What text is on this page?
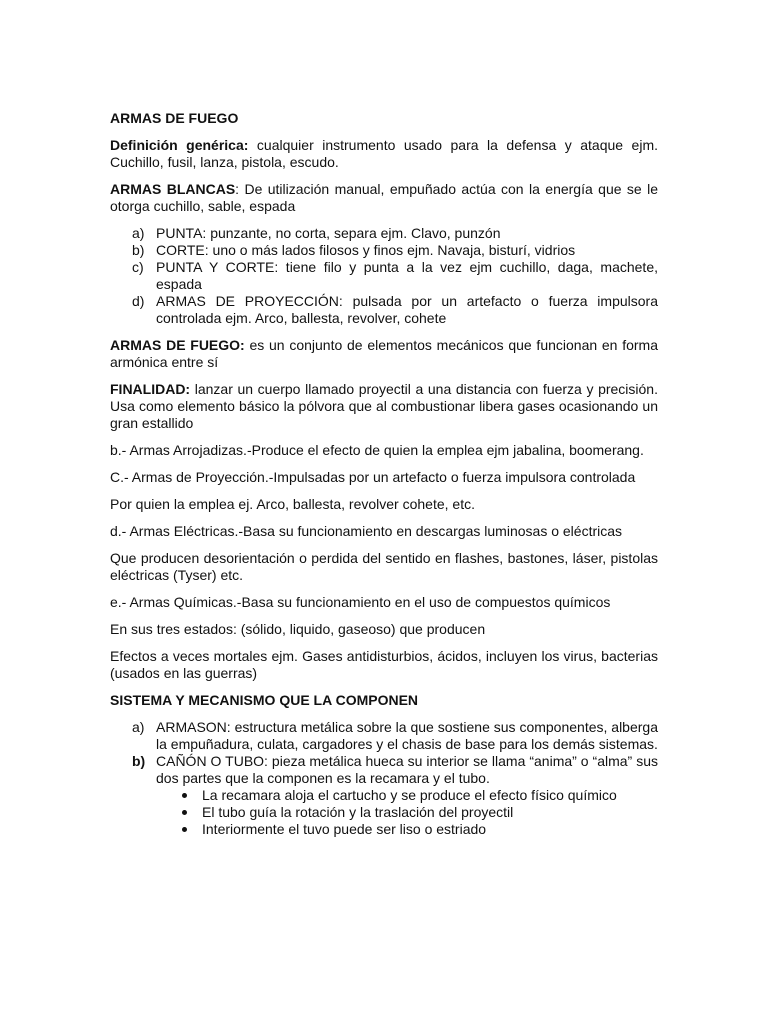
ARMAS DE FUEGO

Definición genérica: cualquier instrumento usado para la defensa y ataque ejm. Cuchillo, fusil, lanza, pistola, escudo.

ARMAS BLANCAS: De utilización manual, empuñado actúa con la energía que se le otorga cuchillo, sable, espada

a) PUNTA: punzante, no corta, separa ejm. Clavo, punzón
b) CORTE: uno o más lados filosos y finos ejm. Navaja, bisturí, vidrios
c) PUNTA Y CORTE: tiene filo y punta a la vez ejm cuchillo, daga, machete, espada
d) ARMAS DE PROYECCIÓN: pulsada por un artefacto o fuerza impulsora controlada ejm. Arco, ballesta, revolver, cohete

ARMAS DE FUEGO: es un conjunto de elementos mecánicos que funcionan en forma armónica entre sí

FINALIDAD: lanzar un cuerpo llamado proyectil a una distancia con fuerza y precisión. Usa como elemento básico la pólvora que al combustionar libera gases ocasionando un gran estallido

b.- Armas Arrojadizas.-Produce el efecto de quien la emplea ejm jabalina, boomerang.

C.- Armas de Proyección.-Impulsadas por un artefacto o fuerza impulsora controlada

Por quien la emplea ej. Arco, ballesta, revolver cohete, etc.

d.- Armas Eléctricas.-Basa su funcionamiento en descargas luminosas o eléctricas

Que producen desorientación o perdida del sentido en flashes, bastones, láser, pistolas eléctricas (Tyser) etc.

e.- Armas Químicas.-Basa su funcionamiento en el uso de compuestos químicos

En sus tres estados: (sólido, liquido, gaseoso) que producen

Efectos a veces mortales ejm. Gases antidisturbios, ácidos, incluyen los virus, bacterias (usados en las guerras)

SISTEMA Y MECANISMO QUE LA COMPONEN
a) ARMASON: estructura metálica sobre la que sostiene sus componentes, alberga la empuñadura, culata, cargadores y el chasis de base para los demás sistemas.
b) CAÑÓN O TUBO: pieza metálica hueca su interior se llama “anima” o “alma” sus dos partes que la componen es la recamara y el tubo.
La recamara aloja el cartucho y se produce el efecto físico químico
El tubo guía la rotación y la traslación del proyectil
Interiormente el tuvo puede ser liso o estriado
